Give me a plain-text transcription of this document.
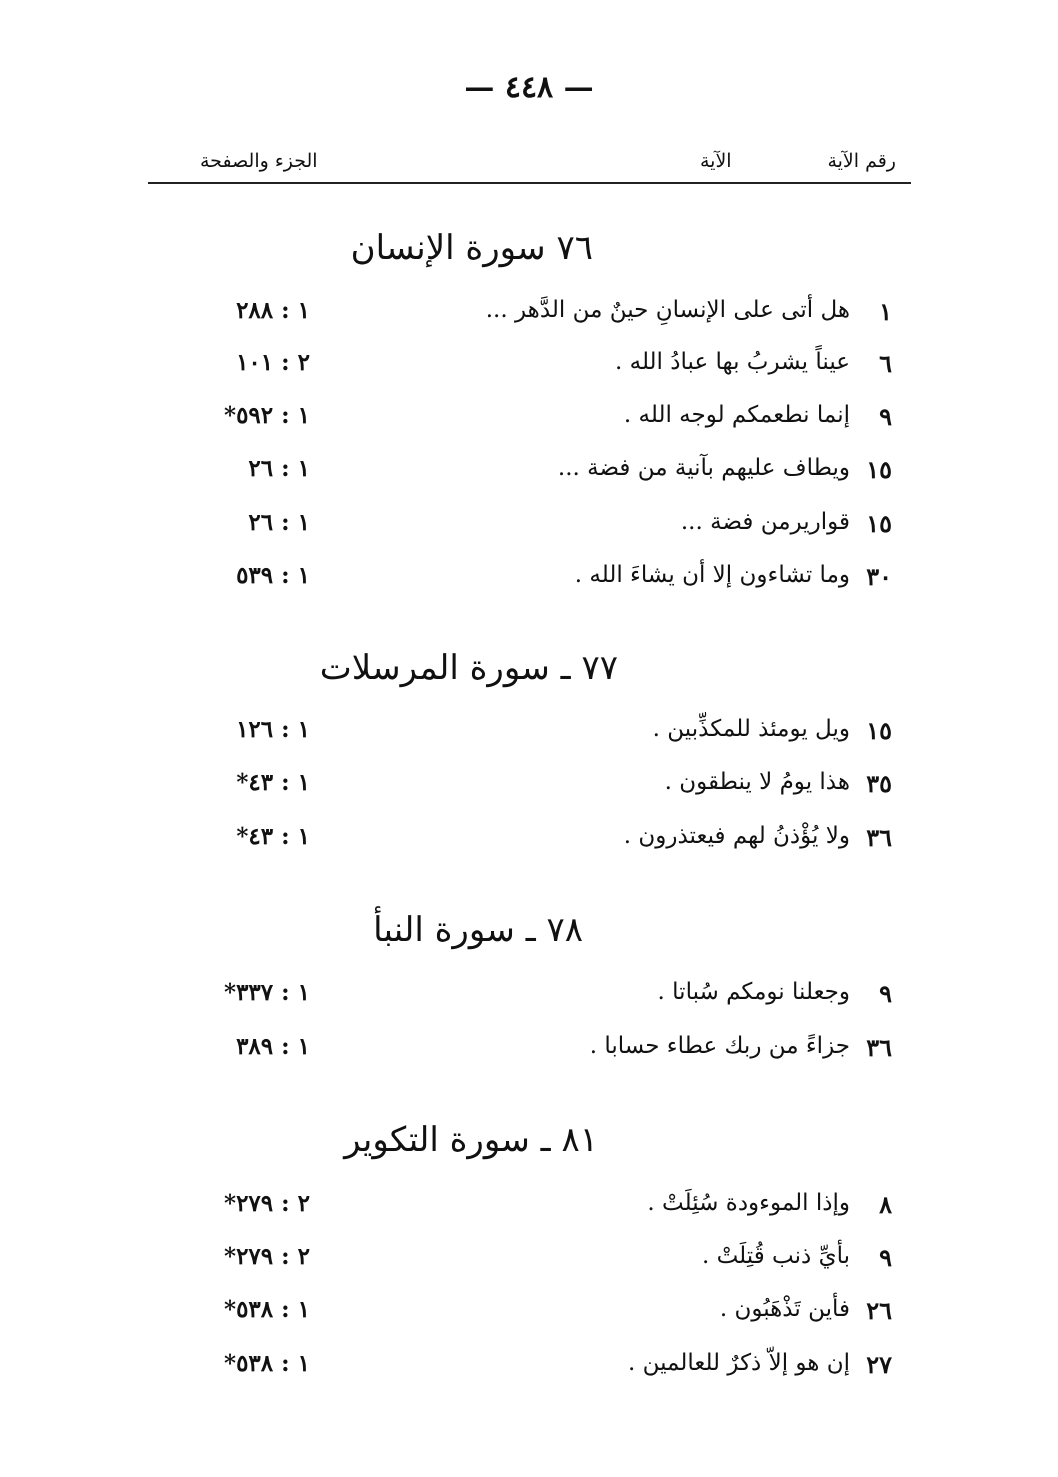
— ٤٤٨ —
رقم الآية
الآية
الجزء والصفحة
٧٦ سورة الإنسان
١
هل أتى على الإنسانِ حينٌ من الدَّهر ...
١ : ٢٨٨
٦
عيناً يشربُ بها عبادُ الله .
٢ : ١٠١
٩
إنما نطعمكم لوجه الله .
١ : ٥٩٢*
١٥
ويطاف عليهم بآنية من فضة ...
١ : ٢٦
١٥
قواريرمن فضة ...
١ : ٢٦
٣٠
وما تشاءون إلا أن يشاءَ الله .
١ : ٥٣٩
٧٧ ـ سورة المرسلات
١٥
ويل يومئذ للمكذِّبين .
١ : ١٢٦
٣٥
هذا يومُ لا ينطقون .
١ : ٤٣*
٣٦
ولا يُؤْذنُ لهم فيعتذرون .
١ : ٤٣*
٧٨ ـ سورة النبأ
٩
وجعلنا نومكم سُباتا .
١ : ٣٣٧*
٣٦
جزاءً من ربك عطاء حسابا .
١ : ٣٨٩
٨١ ـ سورة التكوير
٨
وإذا الموءودة سُئِلَتْ .
٢ : ٢٧٩*
٩
بأيِّ ذنب قُتِلَتْ .
٢ : ٢٧٩*
٢٦
فأين تَذْهَبُون .
١ : ٥٣٨*
٢٧
إن هو إلاّ ذكرٌ للعالمين .
١ : ٥٣٨*
